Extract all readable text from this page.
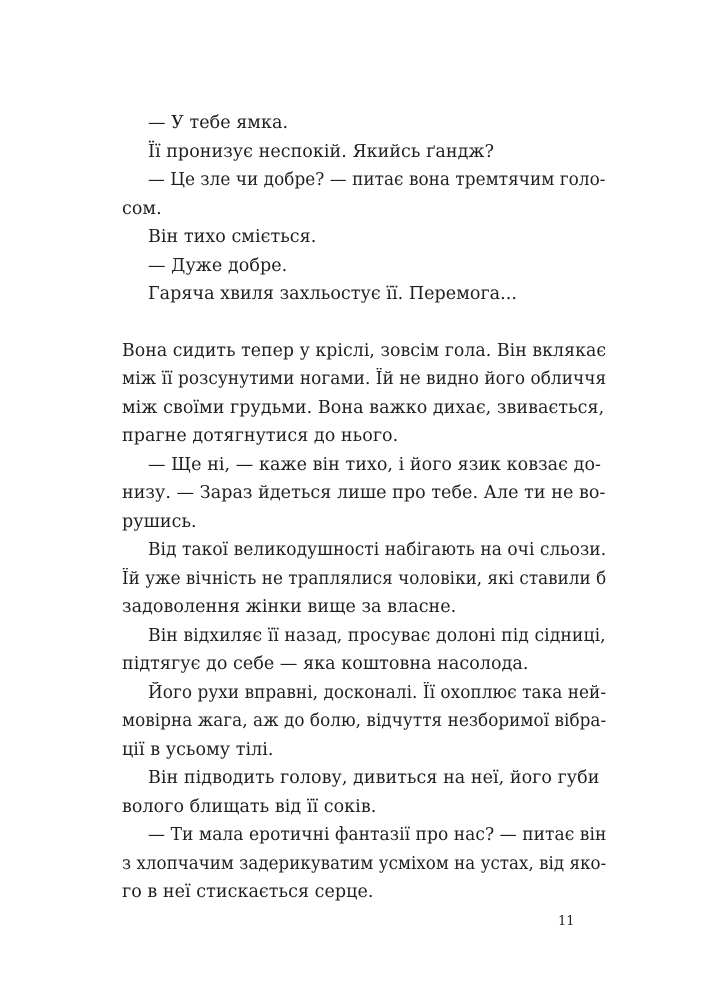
— У тебе ямка.
Її пронизує неспокій. Якийсь ґандж?
— Це зле чи добре? — питає вона тремтячим голо-
сом.
Він тихо сміється.
— Дуже добре.
Гаряча хвиля захльостує її. Перемога...
Вона сидить тепер у кріслі, зовсім гола. Він вклякає
між її розсунутими ногами. Їй не видно його обличчя
між своїми грудьми. Вона важко дихає, звивається,
прагне дотягнутися до нього.
— Ще ні, — каже він тихо, і його язик ковзає до-
низу. — Зараз йдеться лише про тебе. Але ти не во-
рушись.
Від такої великодушності набігають на очі сльози.
Їй уже вічність не траплялися чоловіки, які ставили б
задоволення жінки вище за власне.
Він відхиляє її назад, просуває долоні під сідниці,
підтягує до себе — яка коштовна насолода.
Його рухи вправні, досконалі. Її охоплює така ней-
мовірна жага, аж до болю, відчуття незборимої вібра-
ції в усьому тілі.
Він підводить голову, дивиться на неї, його губи
волого блищать від її соків.
— Ти мала еротичні фантазії про нас? — питає він
з хлопчачим задерикуватим усміхом на устах, від яко-
го в неї стискається серце.
11
